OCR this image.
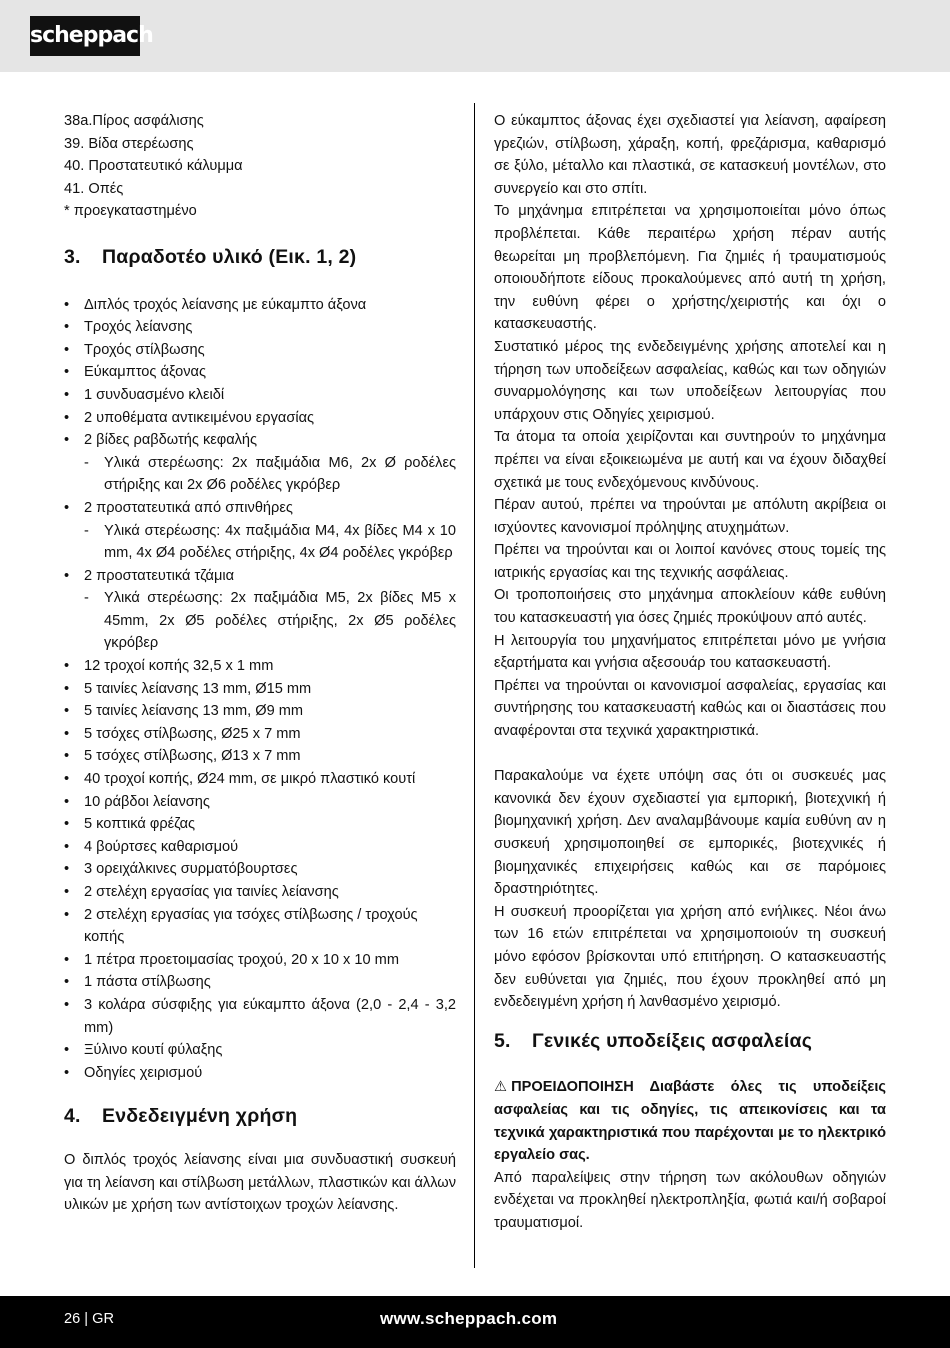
scheppach

38a.Πίρος ασφάλισης

39. Βίδα στερέωσης

40. Προστατευτικό κάλυμμα

41. Οπές

* προεγκαταστημένο

3. Παραδοτέο υλικό (Εικ. 1, 2)
• Διπλός τροχός λείανσης με εύκαμπτο άξονα
• Τροχός λείανσης
• Τροχός στίλβωσης
• Εύκαμπτος άξονας
• 1 συνδυασμένο κλειδί
• 2 υποθέματα αντικειμένου εργασίας
• 2 βίδες ραβδωτής κεφαλής
- Υλικά στερέωσης: 2x παξιμάδια M6, 2x Ø ροδέλες στήριξης και 2x Ø6 ροδέλες γκρόβερ
• 2 προστατευτικά από σπινθήρες
- Υλικά στερέωσης: 4x παξιμάδια M4, 4x βίδες M4 x 10 mm, 4x Ø4 ροδέλες στήριξης, 4x Ø4 ροδέλες γκρόβερ
• 2 προστατευτικά τζάμια
- Υλικά στερέωσης: 2x παξιμάδια M5, 2x βίδες M5 x 45mm, 2x Ø5 ροδέλες στήριξης, 2x Ø5 ροδέλες γκρόβερ
• 12 τροχοί κοπής 32,5 x 1 mm
• 5 ταινίες λείανσης 13 mm, Ø15 mm
• 5 ταινίες λείανσης 13 mm, Ø9 mm
• 5 τσόχες στίλβωσης, Ø25 x 7 mm
• 5 τσόχες στίλβωσης, Ø13 x 7 mm
• 40 τροχοί κοπής, Ø24 mm, σε μικρό πλαστικό κουτί
• 10 ράβδοι λείανσης
• 5 κοπτικά φρέζας
• 4 βούρτσες καθαρισμού
• 3 ορειχάλκινες συρματόβουρτσες
• 2 στελέχη εργασίας για ταινίες λείανσης
• 2 στελέχη εργασίας για τσόχες στίλβωσης / τροχούς κοπής
• 1 πέτρα προετοιμασίας τροχού, 20 x 10 x 10 mm
• 1 πάστα στίλβωσης
• 3 κολάρα σύσφιξης για εύκαμπτο άξονα (2,0 - 2,4 - 3,2 mm)
• Ξύλινο κουτί φύλαξης
• Οδηγίες χειρισμού
4. Ενδεδειγμένη χρήση

Ο διπλός τροχός λείανσης είναι μια συνδυαστική συσκευή για τη λείανση και στίλβωση μετάλλων, πλαστικών και άλλων υλικών με χρήση των αντίστοιχων τροχών λείανσης.

Ο εύκαμπτος άξονας έχει σχεδιαστεί για λείανση, αφαίρεση γρεζιών, στίλβωση, χάραξη, κοπή, φρεζάρισμα, καθαρισμό σε ξύλο, μέταλλο και πλαστικά, σε κατασκευή μοντέλων, στο συνεργείο και στο σπίτι.

Το μηχάνημα επιτρέπεται να χρησιμοποιείται μόνο όπως προβλέπεται. Κάθε περαιτέρω χρήση πέραν αυτής θεωρείται μη προβλεπόμενη. Για ζημιές ή τραυματισμούς οποιουδήποτε είδους προκαλούμενες από αυτή τη χρήση, την ευθύνη φέρει ο χρήστης/χειριστής και όχι ο κατασκευαστής.

Συστατικό μέρος της ενδεδειγμένης χρήσης αποτελεί και η τήρηση των υποδείξεων ασφαλείας, καθώς και των οδηγιών συναρμολόγησης και των υποδείξεων λειτουργίας που υπάρχουν στις Οδηγίες χειρισμού.

Τα άτομα τα οποία χειρίζονται και συντηρούν το μηχάνημα πρέπει να είναι εξοικειωμένα με αυτή και να έχουν διδαχθεί σχετικά με τους ενδεχόμενους κινδύνους.

Πέραν αυτού, πρέπει να τηρούνται με απόλυτη ακρίβεια οι ισχύοντες κανονισμοί πρόληψης ατυχημάτων.

Πρέπει να τηρούνται και οι λοιποί κανόνες στους τομείς της ιατρικής εργασίας και της τεχνικής ασφάλειας.

Οι τροποποιήσεις στο μηχάνημα αποκλείουν κάθε ευθύνη του κατασκευαστή για όσες ζημιές προκύψουν από αυτές.

Η λειτουργία του μηχανήματος επιτρέπεται μόνο με γνήσια εξαρτήματα και γνήσια αξεσουάρ του κατασκευαστή.

Πρέπει να τηρούνται οι κανονισμοί ασφαλείας, εργασίας και συντήρησης του κατασκευαστή καθώς και οι διαστάσεις που αναφέρονται στα τεχνικά χαρακτηριστικά.

Παρακαλούμε να έχετε υπόψη σας ότι οι συσκευές μας κανονικά δεν έχουν σχεδιαστεί για εμπορική, βιοτεχνική ή βιομηχανική χρήση. Δεν αναλαμβάνουμε καμία ευθύνη αν η συσκευή χρησιμοποιηθεί σε εμπορικές, βιοτεχνικές ή βιομηχανικές επιχειρήσεις καθώς και σε παρόμοιες δραστηριότητες.

Η συσκευή προορίζεται για χρήση από ενήλικες. Νέοι άνω των 16 ετών επιτρέπεται να χρησιμοποιούν τη συσκευή μόνο εφόσον βρίσκονται υπό επιτήρηση. Ο κατασκευαστής δεν ευθύνεται για ζημιές, που έχουν προκληθεί από μη ενδεδειγμένη χρήση ή λανθασμένο χειρισμό.

5. Γενικές υποδείξεις ασφαλείας

⚠ ΠΡΟΕΙΔΟΠΟΙΗΣΗ Διαβάστε όλες τις υποδείξεις ασφαλείας και τις οδηγίες, τις απεικονίσεις και τα τεχνικά χαρακτηριστικά που παρέχονται με το ηλεκτρικό εργαλείο σας.

Από παραλείψεις στην τήρηση των ακόλουθων οδηγιών ενδέχεται να προκληθεί ηλεκτροπληξία, φωτιά και/ή σοβαροί τραυματισμοί.

26 | GR	www.scheppach.com
